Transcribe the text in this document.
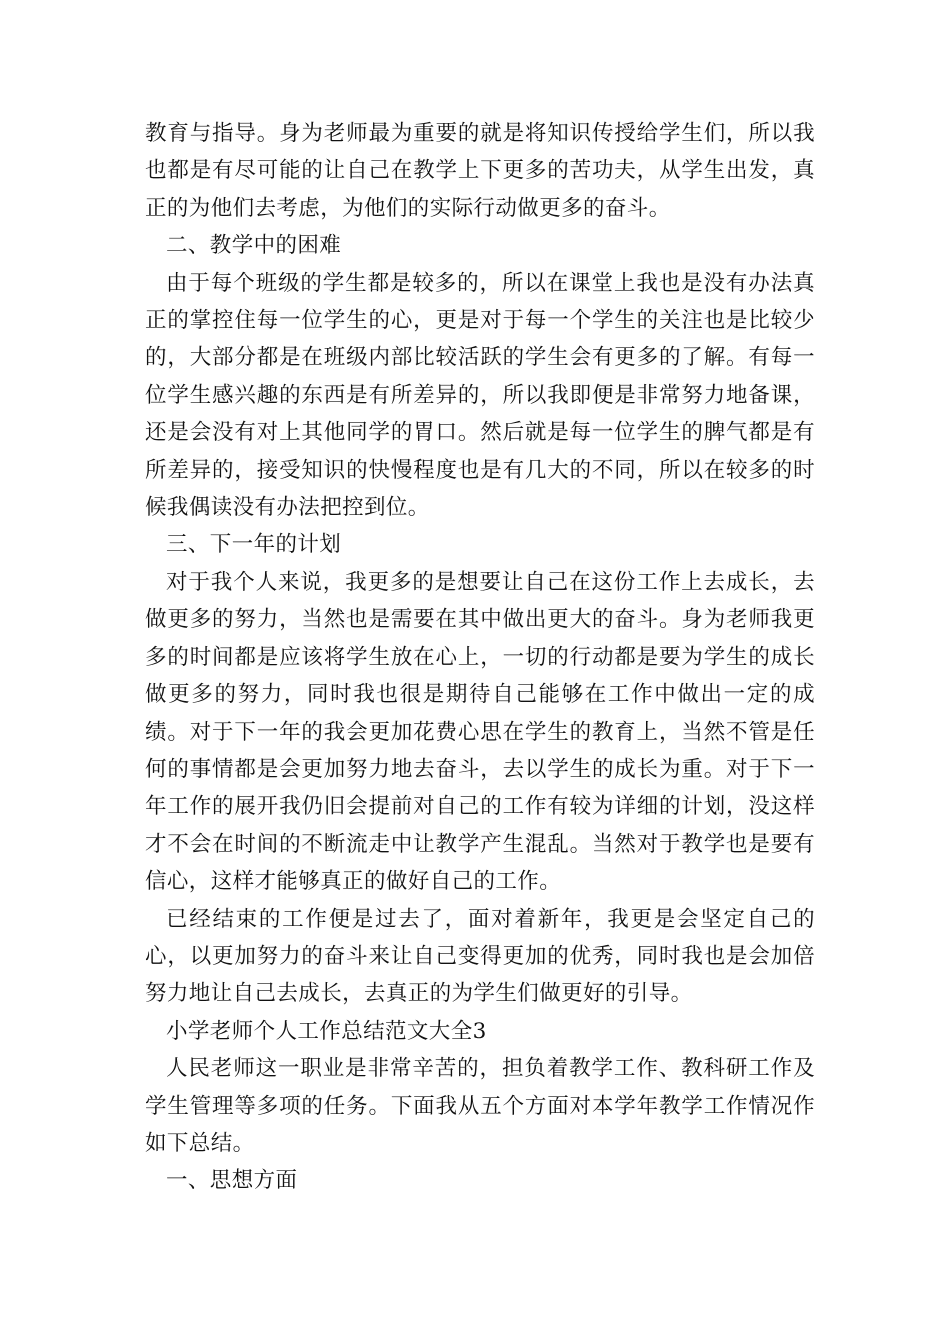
教育与指导。身为老师最为重要的就是将知识传授给学生们，所以我也都是有尽可能的让自己在教学上下更多的苦功夫，从学生出发，真正的为他们去考虑，为他们的实际行动做更多的奋斗。

二、教学中的困难

由于每个班级的学生都是较多的，所以在课堂上我也是没有办法真正的掌控住每一位学生的心，更是对于每一个学生的关注也是比较少的，大部分都是在班级内部比较活跃的学生会有更多的了解。有每一位学生感兴趣的东西是有所差异的，所以我即便是非常努力地备课，还是会没有对上其他同学的胃口。然后就是每一位学生的脾气都是有所差异的，接受知识的快慢程度也是有几大的不同，所以在较多的时候我偶读没有办法把控到位。

三、下一年的计划

对于我个人来说，我更多的是想要让自己在这份工作上去成长，去做更多的努力，当然也是需要在其中做出更大的奋斗。身为老师我更多的时间都是应该将学生放在心上，一切的行动都是要为学生的成长做更多的努力，同时我也很是期待自己能够在工作中做出一定的成绩。对于下一年的我会更加花费心思在学生的教育上，当然不管是任何的事情都是会更加努力地去奋斗，去以学生的成长为重。对于下一年工作的展开我仍旧会提前对自己的工作有较为详细的计划，没这样才不会在时间的不断流走中让教学产生混乱。当然对于教学也是要有信心，这样才能够真正的做好自己的工作。

已经结束的工作便是过去了，面对着新年，我更是会坚定自己的心，以更加努力的奋斗来让自己变得更加的优秀，同时我也是会加倍努力地让自己去成长，去真正的为学生们做更好的引导。

小学老师个人工作总结范文大全3

人民老师这一职业是非常辛苦的，担负着教学工作、教科研工作及学生管理等多项的任务。下面我从五个方面对本学年教学工作情况作如下总结。

一、思想方面
